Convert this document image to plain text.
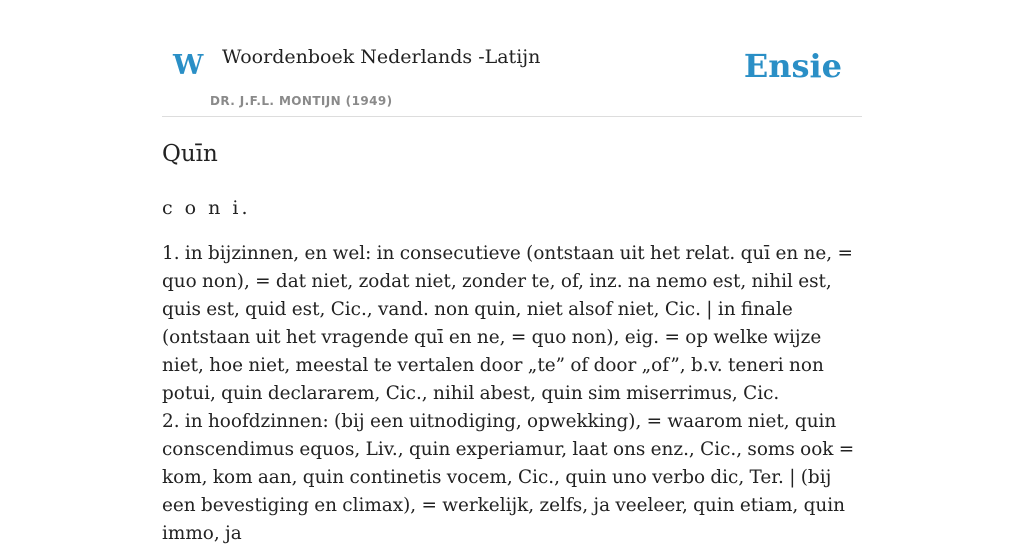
W Woordenboek Nederlands -Latijn
DR. J.F.L. MONTIJN (1949)
Ensie
Quīn

c o n i.

1. in bijzinnen, en wel: in consecutieve (ontstaan uit het relat. quī en ne, = quo non), = dat niet, zodat niet, zonder te, of, inz. na nemo est, nihil est, quis est, quid est, Cic., vand. non quin, niet alsof niet, Cic. | in finale (ontstaan uit het vragende quī en ne, = quo non), eig. = op welke wijze niet, hoe niet, meestal te vertalen door „te” of door „of”, b.v. teneri non potui, quin declararem, Cic., nihil abest, quin sim miserrimus, Cic.

2. in hoofdzinnen: (bij een uitnodiging, opwekking), = waarom niet, quin conscendimus equos, Liv., quin experiamur, laat ons enz., Cic., soms ook = kom, kom aan, quin continetis vocem, Cic., quin uno verbo dic, Ter. | (bij een bevestiging en climax), = werkelijk, zelfs, ja veeleer, quin etiam, quin immo, ja
